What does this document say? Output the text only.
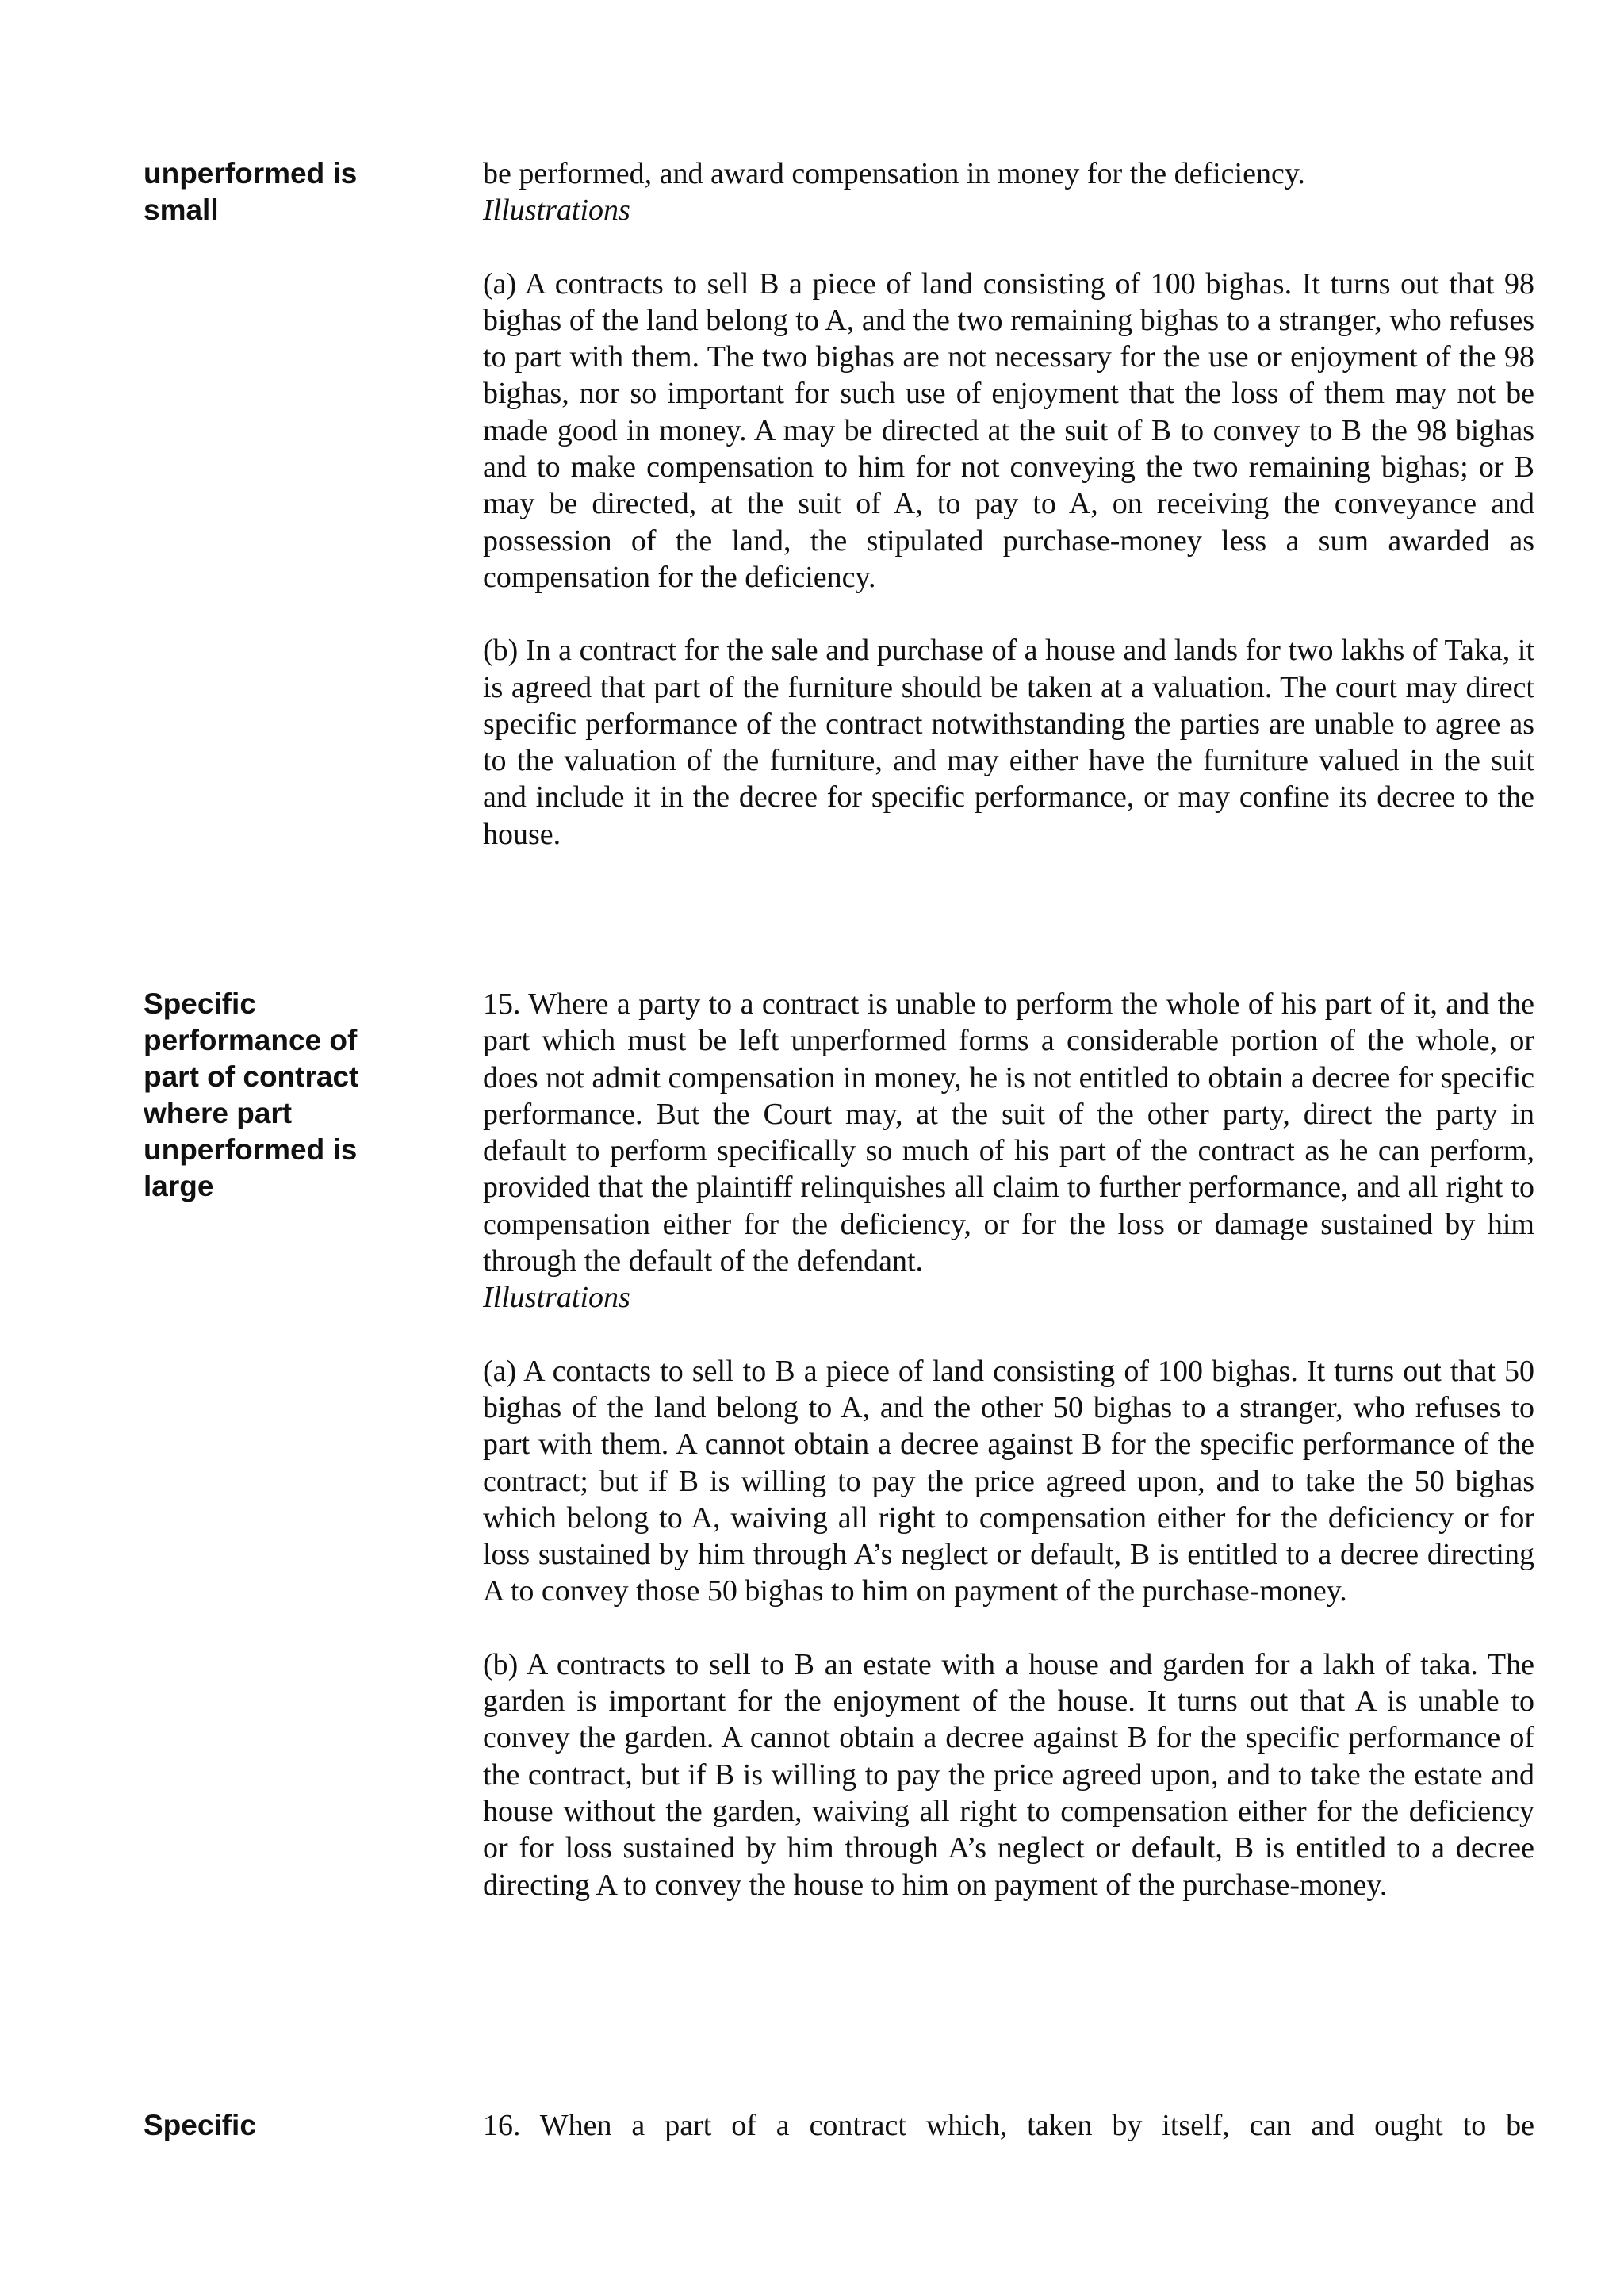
unperformed is small

be performed, and award compensation in money for the deficiency.

Illustrations

(a) A contracts to sell B a piece of land consisting of 100 bighas. It turns out that 98 bighas of the land belong to A, and the two remaining bighas to a stranger, who refuses to part with them. The two bighas are not necessary for the use or enjoyment of the 98 bighas, nor so important for such use of enjoyment that the loss of them may not be made good in money. A may be directed at the suit of B to convey to B the 98 bighas and to make compensation to him for not conveying the two remaining bighas; or B may be directed, at the suit of A, to pay to A, on receiving the conveyance and possession of the land, the stipulated purchase-money less a sum awarded as compensation for the deficiency.

(b) In a contract for the sale and purchase of a house and lands for two lakhs of Taka, it is agreed that part of the furniture should be taken at a valuation. The court may direct specific performance of the contract notwithstanding the parties are unable to agree as to the valuation of the furniture, and may either have the furniture valued in the suit and include it in the decree for specific performance, or may confine its decree to the house.

Specific performance of part of contract where part unperformed is large

15. Where a party to a contract is unable to perform the whole of his part of it, and the part which must be left unperformed forms a considerable portion of the whole, or does not admit compensation in money, he is not entitled to obtain a decree for specific performance. But the Court may, at the suit of the other party, direct the party in default to perform specifically so much of his part of the contract as he can perform, provided that the plaintiff relinquishes all claim to further performance, and all right to compensation either for the deficiency, or for the loss or damage sustained by him through the default of the defendant.

Illustrations

(a) A contacts to sell to B a piece of land consisting of 100 bighas. It turns out that 50 bighas of the land belong to A, and the other 50 bighas to a stranger, who refuses to part with them. A cannot obtain a decree against B for the specific performance of the contract; but if B is willing to pay the price agreed upon, and to take the 50 bighas which belong to A, waiving all right to compensation either for the deficiency or for loss sustained by him through A’s neglect or default, B is entitled to a decree directing A to convey those 50 bighas to him on payment of the purchase-money.

(b) A contracts to sell to B an estate with a house and garden for a lakh of taka. The garden is important for the enjoyment of the house. It turns out that A is unable to convey the garden. A cannot obtain a decree against B for the specific performance of the contract, but if B is willing to pay the price agreed upon, and to take the estate and house without the garden, waiving all right to compensation either for the deficiency or for loss sustained by him through A’s neglect or default, B is entitled to a decree directing A to convey the house to him on payment of the purchase-money.

Specific	16. When a part of a contract which, taken by itself, can and ought to be
